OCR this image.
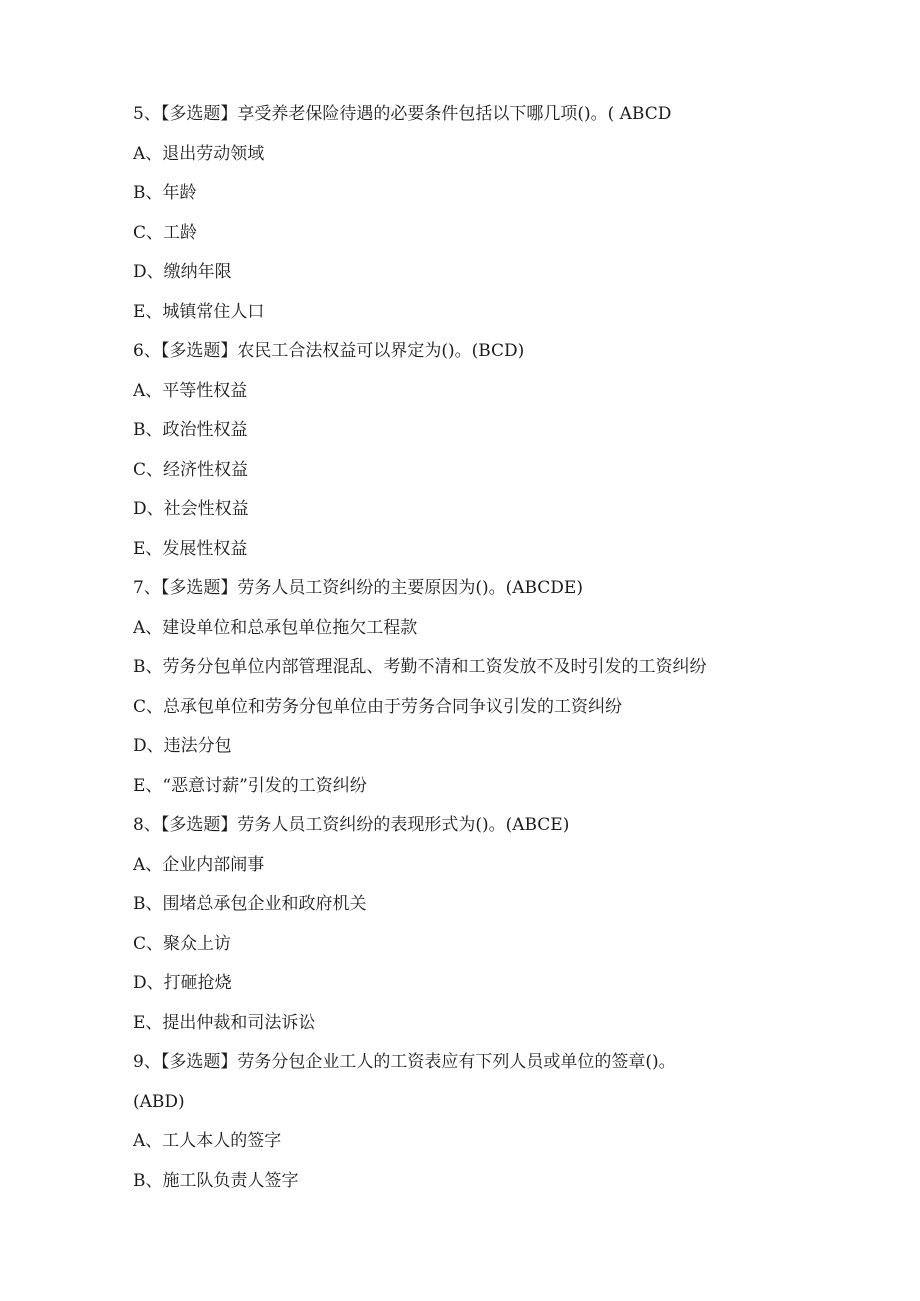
5、【多选题】享受养老保险待遇的必要条件包括以下哪几项()。( ABCD
A、退出劳动领域
B、年龄
C、工龄
D、缴纳年限
E、城镇常住人口
6、【多选题】农民工合法权益可以界定为()。(BCD)
A、平等性权益
B、政治性权益
C、经济性权益
D、社会性权益
E、发展性权益
7、【多选题】劳务人员工资纠纷的主要原因为()。(ABCDE)
A、建设单位和总承包单位拖欠工程款
B、劳务分包单位内部管理混乱、考勤不清和工资发放不及时引发的工资纠纷
C、总承包单位和劳务分包单位由于劳务合同争议引发的工资纠纷
D、违法分包
E、“恶意讨薪”引发的工资纠纷
8、【多选题】劳务人员工资纠纷的表现形式为()。(ABCE)
A、企业内部闹事
B、围堵总承包企业和政府机关
C、聚众上访
D、打砸抢烧
E、提出仲裁和司法诉讼
9、【多选题】劳务分包企业工人的工资表应有下列人员或单位的签章()。
(ABD)
A、工人本人的签字
B、施工队负责人签字
